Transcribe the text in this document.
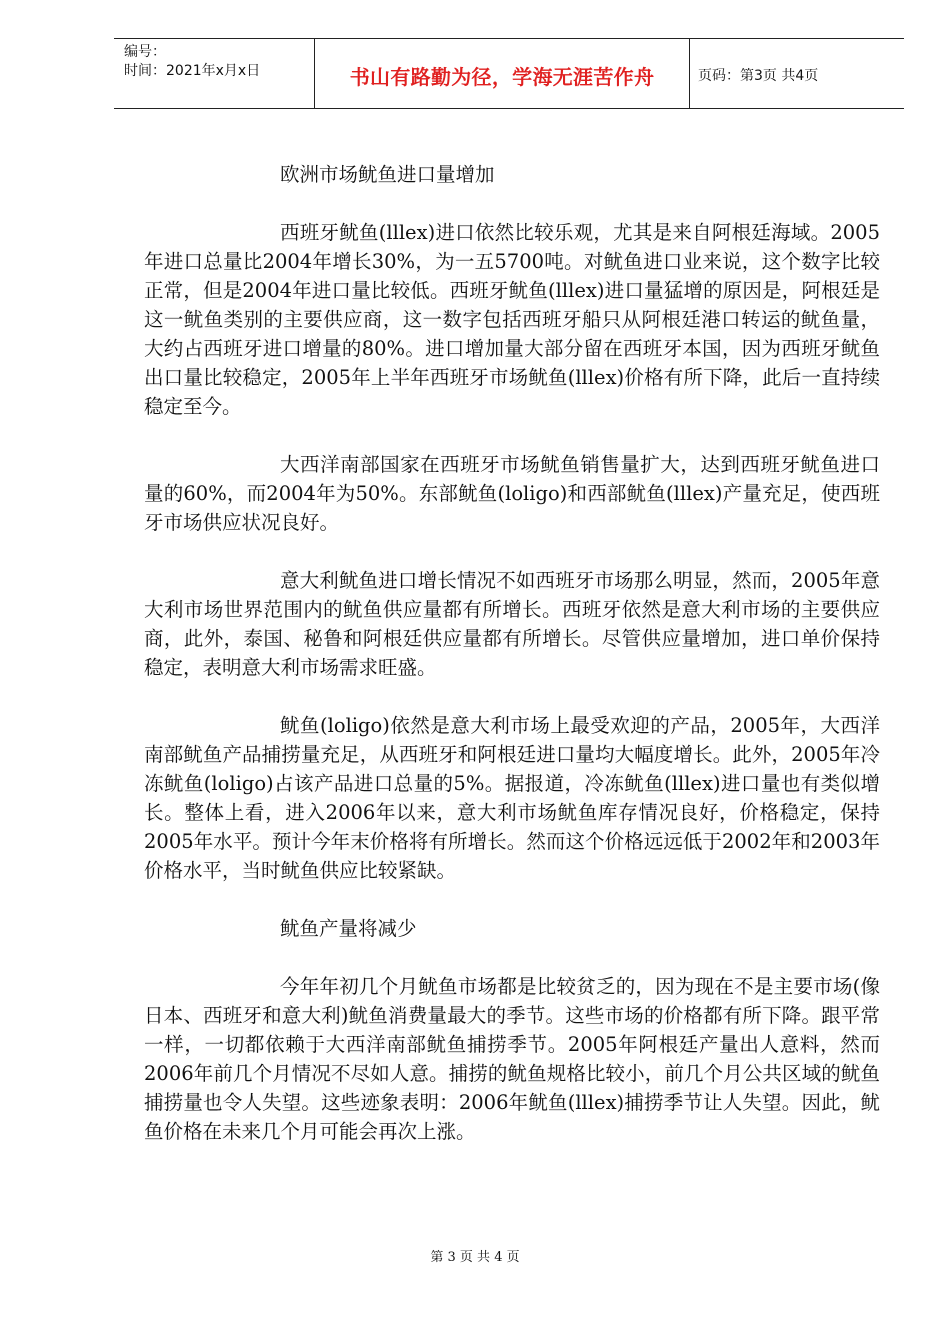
编号：
时间：2021年x月x日	书山有路勤为径，学海无涯苦作舟	页码：第3页 共4页

欧洲市场鱿鱼进口量增加

西班牙鱿鱼(lllex)进口依然比较乐观，尤其是来自阿根廷海域。2005年进口总量比2004年增长30%，为一五5700吨。对鱿鱼进口业来说，这个数字比较正常，但是2004年进口量比较低。西班牙鱿鱼(lllex)进口量猛增的原因是，阿根廷是这一鱿鱼类别的主要供应商，这一数字包括西班牙船只从阿根廷港口转运的鱿鱼量，大约占西班牙进口增量的80%。进口增加量大部分留在西班牙本国，因为西班牙鱿鱼出口量比较稳定，2005年上半年西班牙市场鱿鱼(lllex)价格有所下降，此后一直持续稳定至今。

大西洋南部国家在西班牙市场鱿鱼销售量扩大，达到西班牙鱿鱼进口量的60%，而2004年为50%。东部鱿鱼(loligo)和西部鱿鱼(lllex)产量充足，使西班牙市场供应状况良好。

意大利鱿鱼进口增长情况不如西班牙市场那么明显，然而，2005年意大利市场世界范围内的鱿鱼供应量都有所增长。西班牙依然是意大利市场的主要供应商，此外，泰国、秘鲁和阿根廷供应量都有所增长。尽管供应量增加，进口单价保持稳定，表明意大利市场需求旺盛。

鱿鱼(loligo)依然是意大利市场上最受欢迎的产品，2005年，大西洋南部鱿鱼产品捕捞量充足，从西班牙和阿根廷进口量均大幅度增长。此外，2005年冷冻鱿鱼(loligo)占该产品进口总量的5%。据报道，冷冻鱿鱼(lllex)进口量也有类似增长。整体上看，进入2006年以来，意大利市场鱿鱼库存情况良好，价格稳定，保持2005年水平。预计今年末价格将有所增长。然而这个价格远远低于2002年和2003年价格水平，当时鱿鱼供应比较紧缺。

鱿鱼产量将减少

今年年初几个月鱿鱼市场都是比较贫乏的，因为现在不是主要市场(像日本、西班牙和意大利)鱿鱼消费量最大的季节。这些市场的价格都有所下降。跟平常一样，一切都依赖于大西洋南部鱿鱼捕捞季节。2005年阿根廷产量出人意料，然而2006年前几个月情况不尽如人意。捕捞的鱿鱼规格比较小，前几个月公共区域的鱿鱼捕捞量也令人失望。这些迹象表明：2006年鱿鱼(lllex)捕捞季节让人失望。因此，鱿鱼价格在未来几个月可能会再次上涨。

第 3 页 共 4 页
